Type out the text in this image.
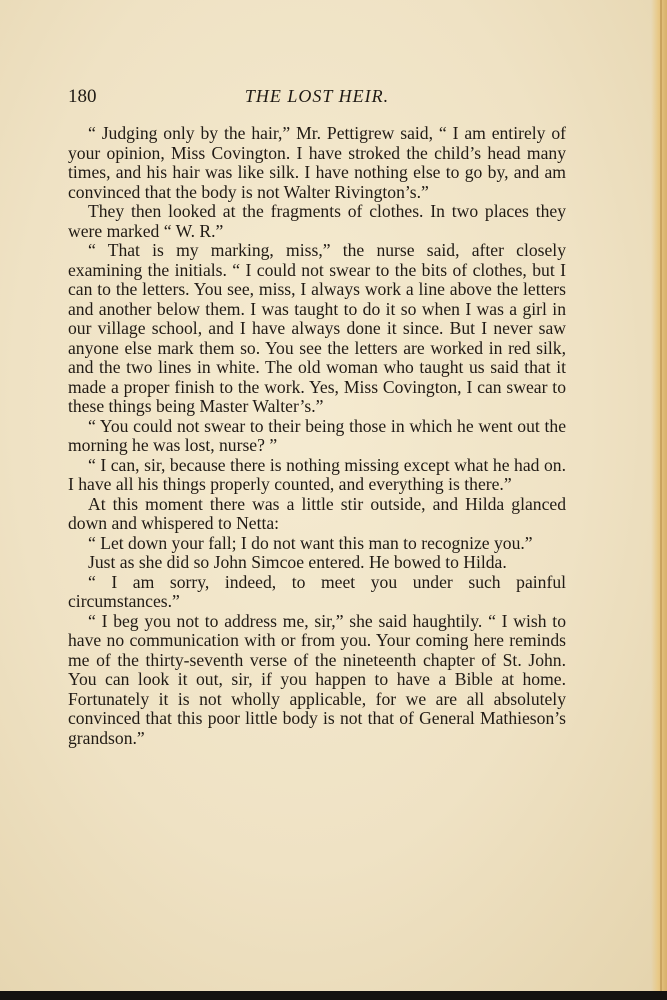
180	THE LOST HEIR.

“ Judging only by the hair,” Mr. Pettigrew said, “ I am entirely of your opinion, Miss Covington. I have stroked the child’s head many times, and his hair was like silk. I have nothing else to go by, and am convinced that the body is not Walter Rivington’s.”

They then looked at the fragments of clothes. In two places they were marked “ W. R.”

“ That is my marking, miss,” the nurse said, after closely examining the initials. “ I could not swear to the bits of clothes, but I can to the letters. You see, miss, I always work a line above the letters and another below them. I was taught to do it so when I was a girl in our village school, and I have always done it since. But I never saw anyone else mark them so. You see the letters are worked in red silk, and the two lines in white. The old woman who taught us said that it made a proper finish to the work. Yes, Miss Covington, I can swear to these things being Master Walter’s.”

“ You could not swear to their being those in which he went out the morning he was lost, nurse? ”

“ I can, sir, because there is nothing missing except what he had on. I have all his things properly counted, and everything is there.”

At this moment there was a little stir outside, and Hilda glanced down and whispered to Netta:

“ Let down your fall; I do not want this man to recognize you.”

Just as she did so John Simcoe entered. He bowed to Hilda.

“ I am sorry, indeed, to meet you under such painful circumstances.”

“ I beg you not to address me, sir,” she said haughtily. “ I wish to have no communication with or from you. Your coming here reminds me of the thirty-seventh verse of the nineteenth chapter of St. John. You can look it out, sir, if you happen to have a Bible at home. Fortunately it is not wholly applicable, for we are all absolutely convinced that this poor little body is not that of General Mathieson’s grandson.”
